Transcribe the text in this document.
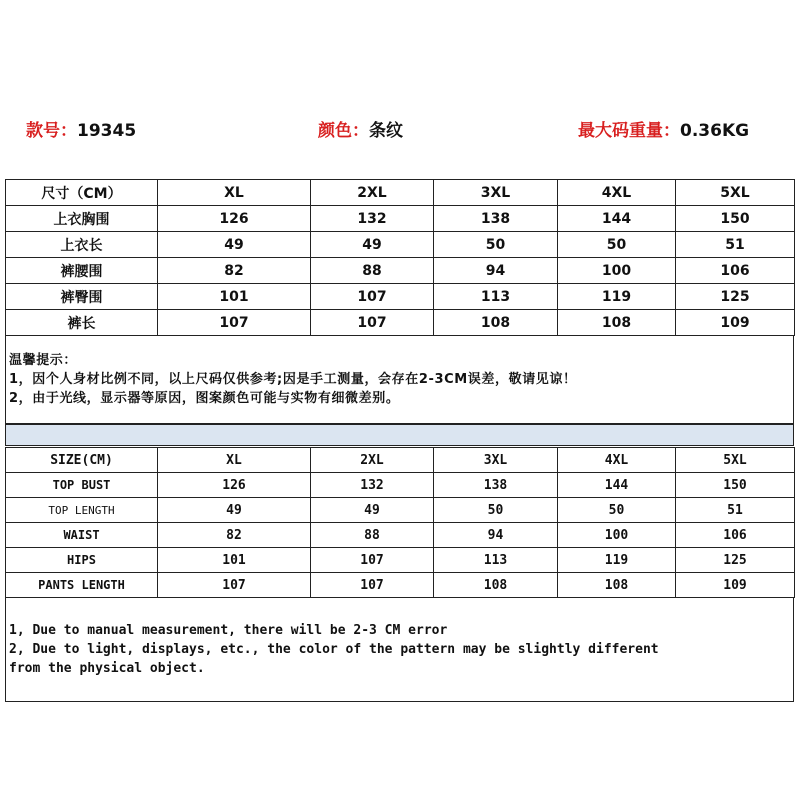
款号：19345	颜色：条纹	最大码重量：0.36KG
尺寸（CM）	XL	2XL	3XL	4XL	5XL
上衣胸围	126	132	138	144	150
上衣长	49	49	50	50	51
裤腰围	82	88	94	100	106
裤臀围	101	107	113	119	125
裤长	107	107	108	108	109
温馨提示：
1，因个人身材比例不同，以上尺码仅供参考;因是手工测量，会存在2-3CM误差，敬请见谅！
2，由于光线，显示器等原因，图案颜色可能与实物有细微差别。
SIZE(CM)	XL	2XL	3XL	4XL	5XL
TOP BUST	126	132	138	144	150
TOP LENGTH	49	49	50	50	51
WAIST	82	88	94	100	106
HIPS	101	107	113	119	125
PANTS LENGTH	107	107	108	108	109
1, Due to manual measurement, there will be 2-3 CM error
2, Due to light, displays, etc., the color of the pattern may be slightly different
from the physical object.
